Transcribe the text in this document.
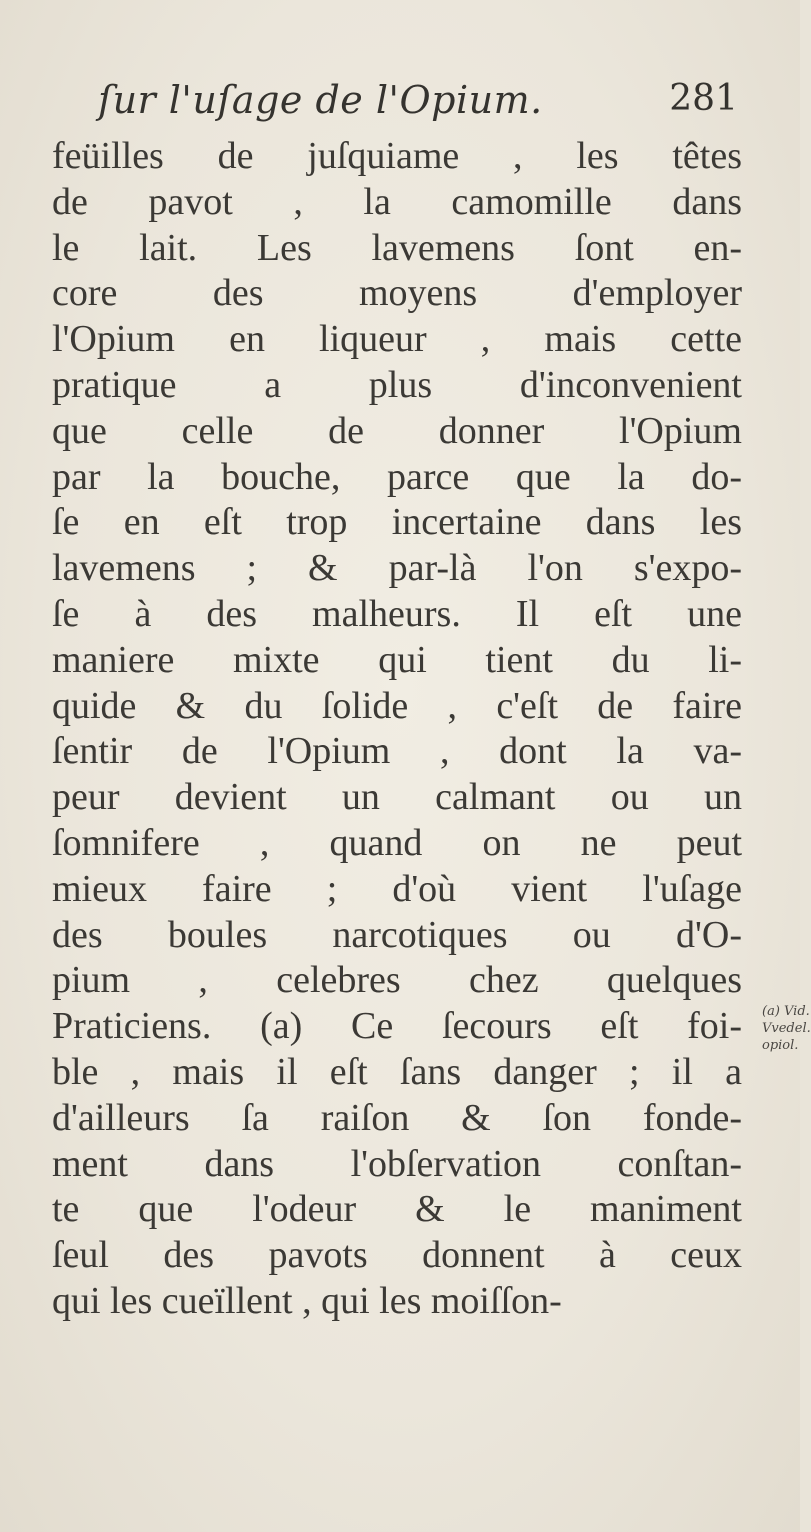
ſur l'uſage de l'Opium.	281
feüilles de juſquiame , les têtes
de pavot , la camomille dans
le lait. Les lavemens ſont en-
core des moyens d'employer
l'Opium en liqueur , mais cette
pratique a plus d'inconvenient
que celle de donner l'Opium
par la bouche, parce que la do-
ſe en eſt trop incertaine dans les
lavemens ; & par-là l'on s'expo-
ſe à des malheurs. Il eſt une
maniere mixte qui tient du li-
quide & du ſolide , c'eſt de faire
ſentir de l'Opium , dont la va-
peur devient un calmant ou un
ſomnifere , quand on ne peut
mieux faire ; d'où vient l'uſage
des boules narcotiques ou d'O-
pium , celebres chez quelques
Praticiens. (a) Ce ſecours eſt foi-
ble , mais il eſt ſans danger ; il a
d'ailleurs ſa raiſon & ſon fonde-
ment dans l'obſervation conſtan-
te que l'odeur & le maniment
ſeul des pavots donnent à ceux
qui les cueïllent , qui les moiſſon-
(a) Vid.
Vvedel.
opiol.
